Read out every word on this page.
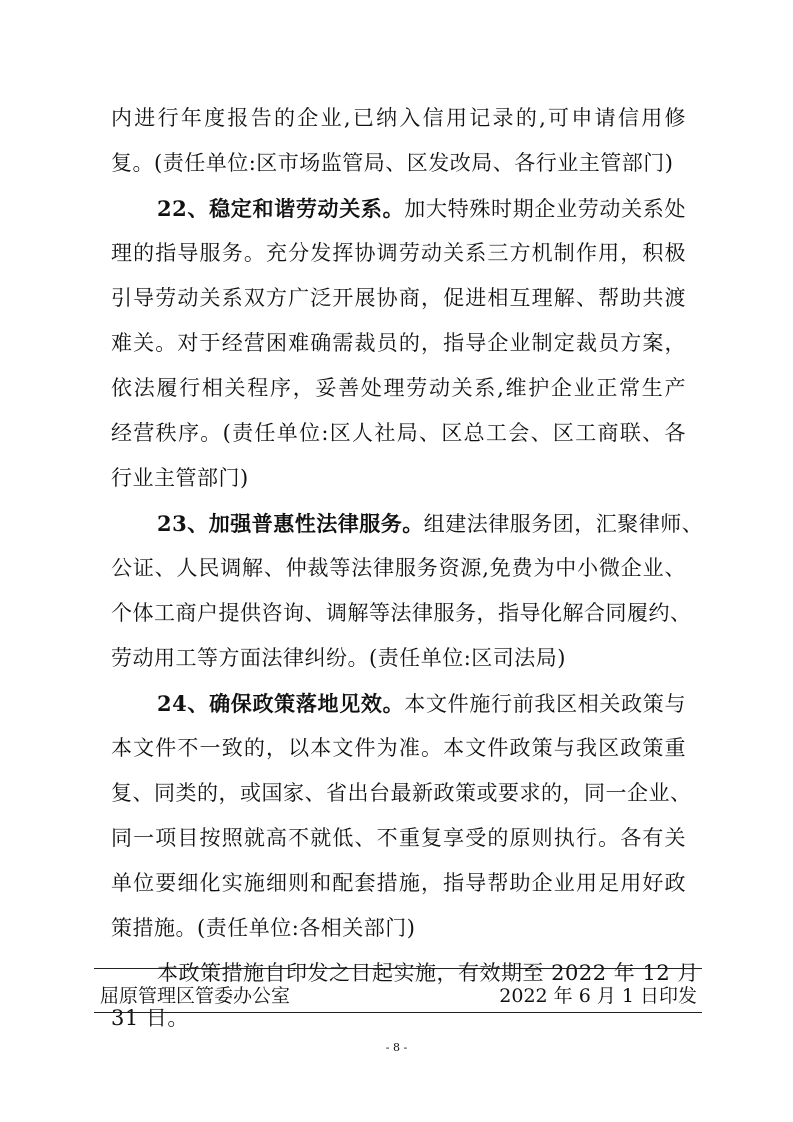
内进行年度报告的企业,已纳入信用记录的,可申请信用修
复。(责任单位:区市场监管局、区发改局、各行业主管部门)
22、稳定和谐劳动关系。加大特殊时期企业劳动关系处
理的指导服务。充分发挥协调劳动关系三方机制作用，积极
引导劳动关系双方广泛开展协商，促进相互理解、帮助共渡
难关。对于经营困难确需裁员的，指导企业制定裁员方案，
依法履行相关程序，妥善处理劳动关系,维护企业正常生产
经营秩序。(责任单位:区人社局、区总工会、区工商联、各
行业主管部门)
23、加强普惠性法律服务。组建法律服务团，汇聚律师、
公证、人民调解、仲裁等法律服务资源,免费为中小微企业、
个体工商户提供咨询、调解等法律服务，指导化解合同履约、
劳动用工等方面法律纠纷。(责任单位:区司法局)
24、确保政策落地见效。本文件施行前我区相关政策与
本文件不一致的，以本文件为准。本文件政策与我区政策重
复、同类的，或国家、省出台最新政策或要求的，同一企业、
同一项目按照就高不就低、不重复享受的原则执行。各有关
单位要细化实施细则和配套措施，指导帮助企业用足用好政
策措施。(责任单位:各相关部门)
本政策措施自印发之日起实施，有效期至 2022 年 12 月
31 日。
屈原管理区管委办公室	2022 年 6 月 1 日印发
- 8 -
